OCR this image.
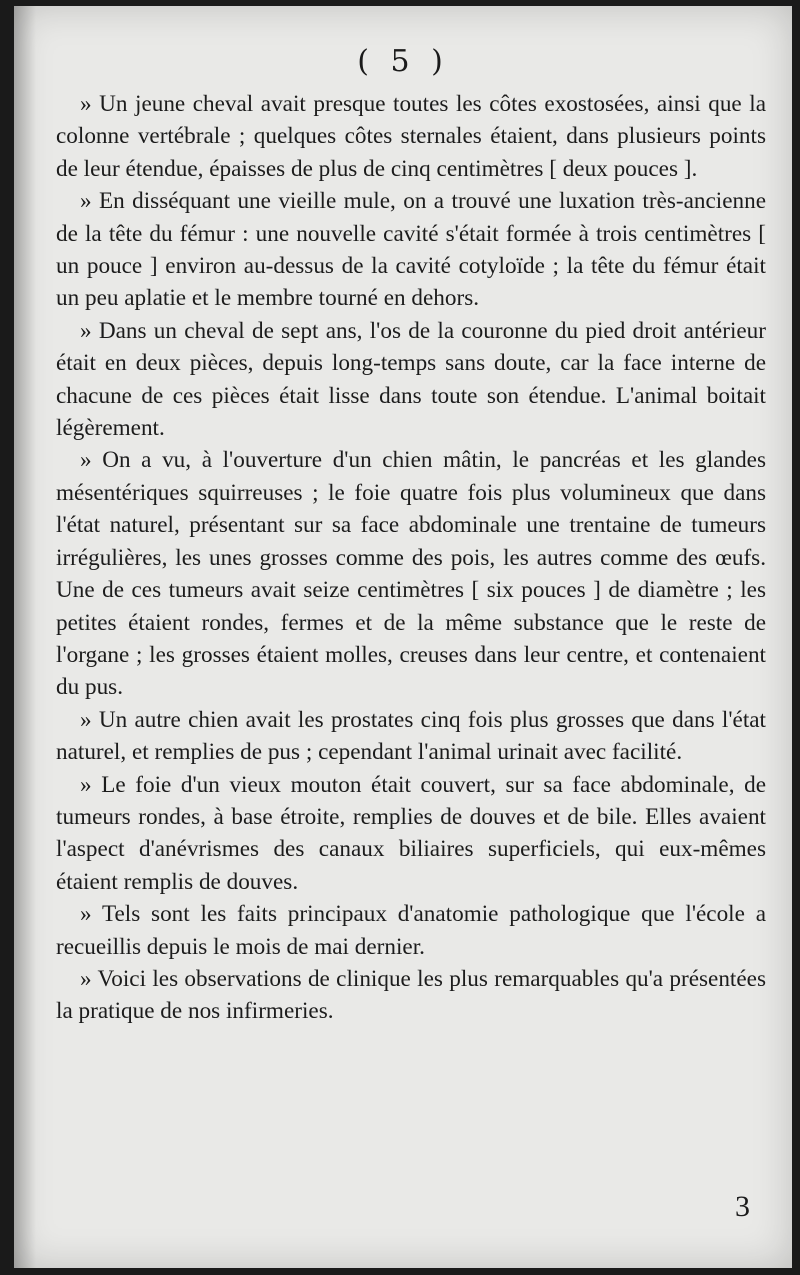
( 5 )

» Un jeune cheval avait presque toutes les côtes exostosées, ainsi que la colonne vertébrale ; quelques côtes sternales étaient, dans plusieurs points de leur étendue, épaisses de plus de cinq centimètres [ deux pouces ].

» En disséquant une vieille mule, on a trouvé une luxation très-ancienne de la tête du fémur : une nouvelle cavité s'était formée à trois centimètres [ un pouce ] environ au-dessus de la cavité cotyloïde ; la tête du fémur était un peu aplatie et le membre tourné en dehors.

» Dans un cheval de sept ans, l'os de la couronne du pied droit antérieur était en deux pièces, depuis long-temps sans doute, car la face interne de chacune de ces pièces était lisse dans toute son étendue. L'animal boitait légèrement.

» On a vu, à l'ouverture d'un chien mâtin, le pancréas et les glandes mésentériques squirreuses ; le foie quatre fois plus volumineux que dans l'état naturel, présentant sur sa face abdominale une trentaine de tumeurs irrégulières, les unes grosses comme des pois, les autres comme des œufs. Une de ces tumeurs avait seize centimètres [ six pouces ] de diamètre ; les petites étaient rondes, fermes et de la même substance que le reste de l'organe ; les grosses étaient molles, creuses dans leur centre, et contenaient du pus.

» Un autre chien avait les prostates cinq fois plus grosses que dans l'état naturel, et remplies de pus ; cependant l'animal urinait avec facilité.

» Le foie d'un vieux mouton était couvert, sur sa face abdominale, de tumeurs rondes, à base étroite, remplies de douves et de bile. Elles avaient l'aspect d'anévrismes des canaux biliaires superficiels, qui eux-mêmes étaient remplis de douves.

» Tels sont les faits principaux d'anatomie pathologique que l'école a recueillis depuis le mois de mai dernier.

» Voici les observations de clinique les plus remarquables qu'a présentées la pratique de nos infirmeries.

3
